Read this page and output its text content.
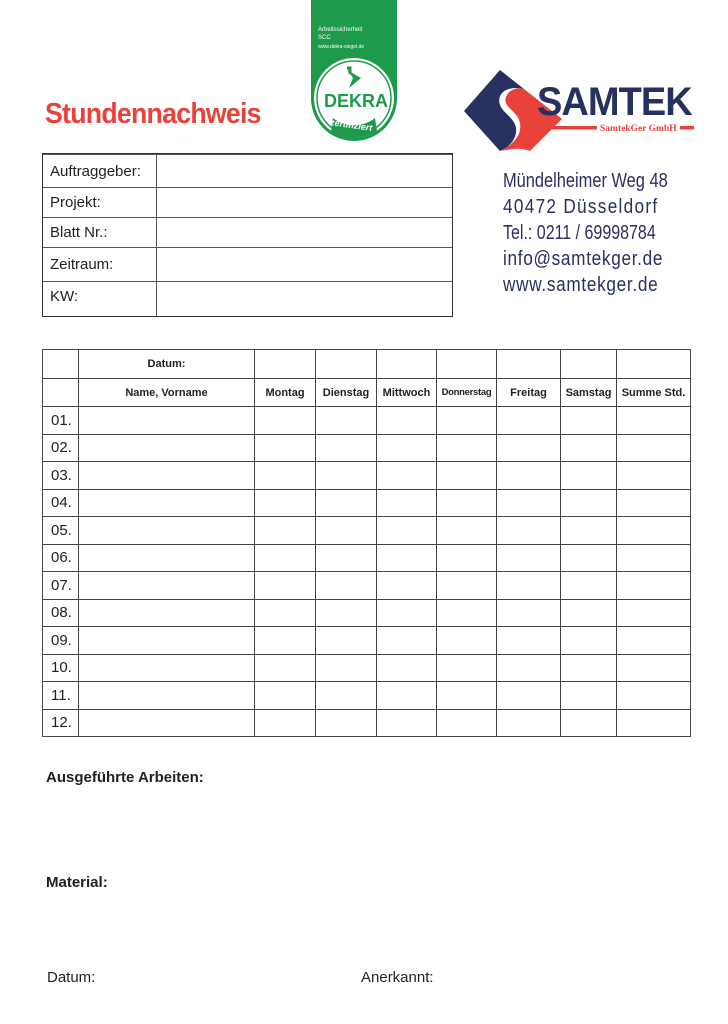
Stundennachweis
Arbeitssicherheit
SCC
www.dekra-siegel.de
DEKRA
zertifiziert
SAMTEK
SamtekGer GmbH
Auftraggeber:
Projekt:
Blatt Nr.:
Zeitraum:
KW:
Mündelheimer Weg 48
40472 Düsseldorf
Tel.: 0211 / 69998784
info@samtekger.de
www.samtekger.de
	Datum:							
	Name, Vorname	Montag	Dienstag	Mittwoch	Donnerstag	Freitag	Samstag	Summe Std.
01.								
02.								
03.								
04.								
05.								
06.								
07.								
08.								
09.								
10.								
11.								
12.								
Ausgeführte Arbeiten:
Material:
Datum:	Anerkannt:
